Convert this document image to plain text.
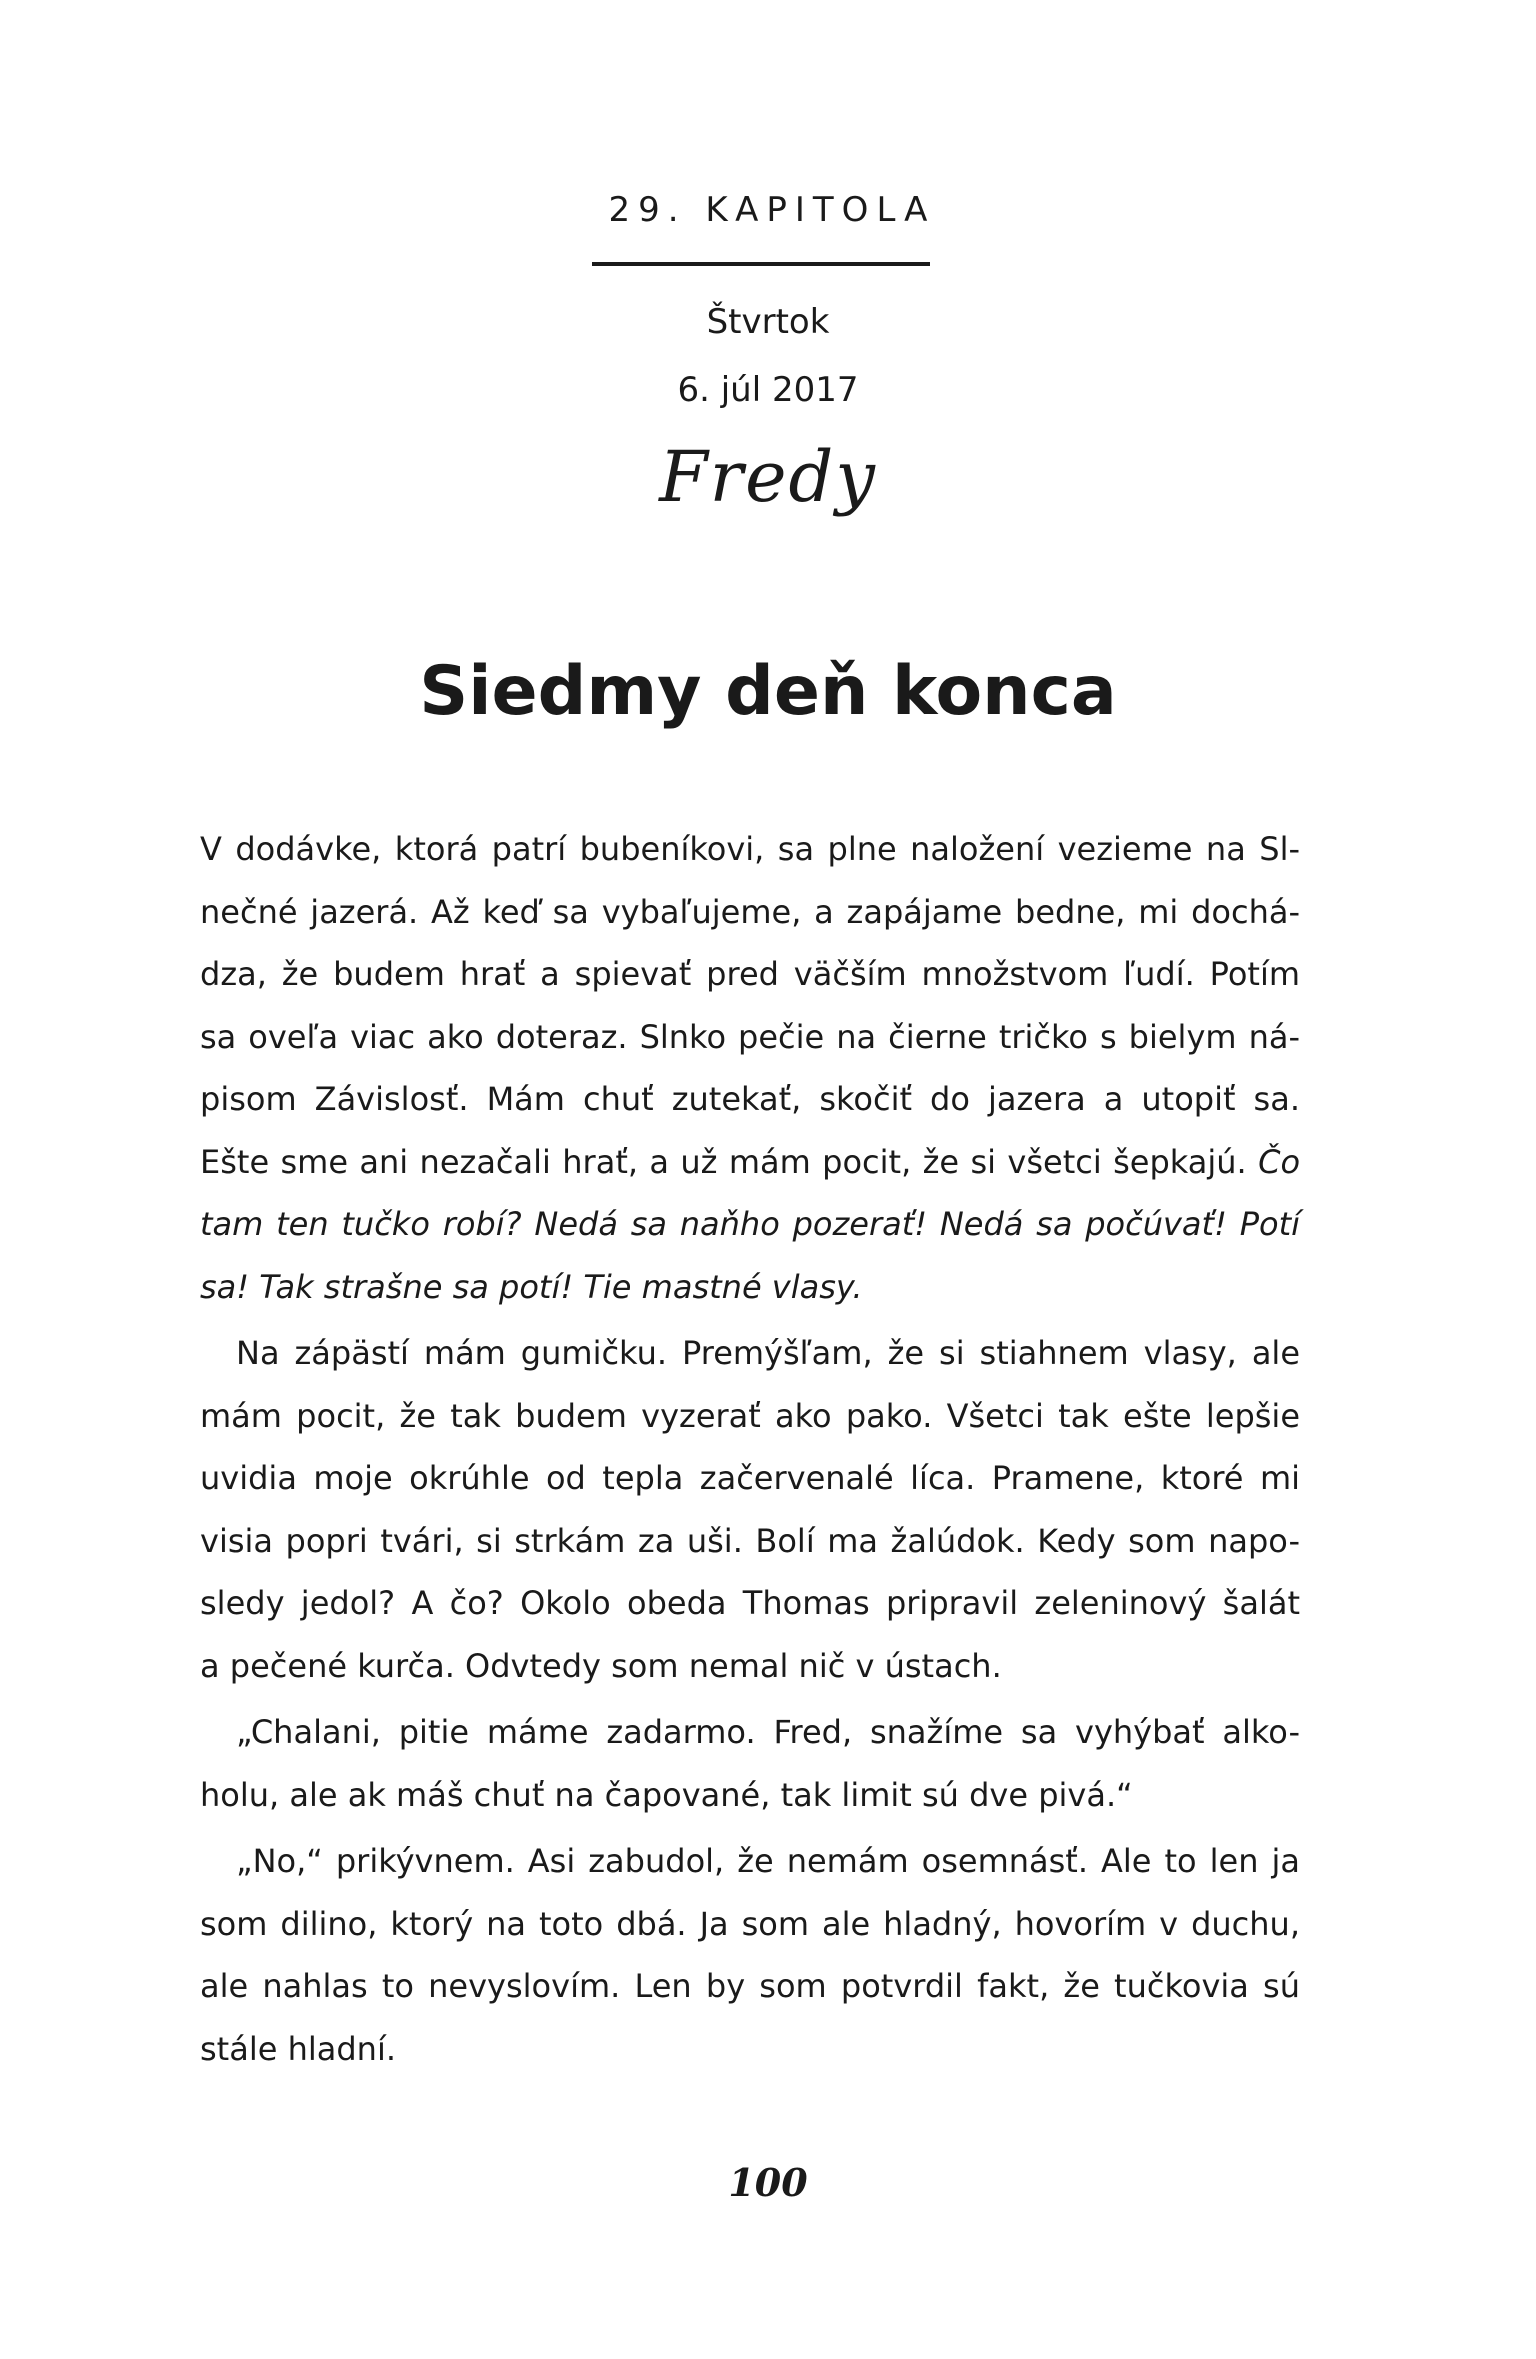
29. KAPITOLA
Štvrtok
6. júl 2017
Fredy
Siedmy deň konca
V dodávke, ktorá patrí bubeníkovi, sa plne naložení vezieme na Sl-
nečné jazerá. Až keď sa vybaľujeme, a zapájame bedne, mi dochá-
dza, že budem hrať a spievať pred väčším množstvom ľudí. Potím
sa oveľa viac ako doteraz. Slnko pečie na čierne tričko s bielym ná-
pisom Závislosť. Mám chuť zutekať, skočiť do jazera a utopiť sa.
Ešte sme ani nezačali hrať, a už mám pocit, že si všetci šepkajú. Čo
tam ten tučko robí? Nedá sa naňho pozerať! Nedá sa počúvať! Potí
sa! Tak strašne sa potí! Tie mastné vlasy.
Na zápästí mám gumičku. Premýšľam, že si stiahnem vlasy, ale
mám pocit, že tak budem vyzerať ako pako. Všetci tak ešte lepšie
uvidia moje okrúhle od tepla začervenalé líca. Pramene, ktoré mi
visia popri tvári, si strkám za uši. Bolí ma žalúdok. Kedy som napo-
sledy jedol? A čo? Okolo obeda Thomas pripravil zeleninový šalát
a pečené kurča. Odvtedy som nemal nič v ústach.
„Chalani, pitie máme zadarmo. Fred, snažíme sa vyhýbať alko-
holu, ale ak máš chuť na čapované, tak limit sú dve pivá.“
„No,“ prikývnem. Asi zabudol, že nemám osemnásť. Ale to len ja
som dilino, ktorý na toto dbá. Ja som ale hladný, hovorím v duchu,
ale nahlas to nevyslovím. Len by som potvrdil fakt, že tučkovia sú
stále hladní.
100
